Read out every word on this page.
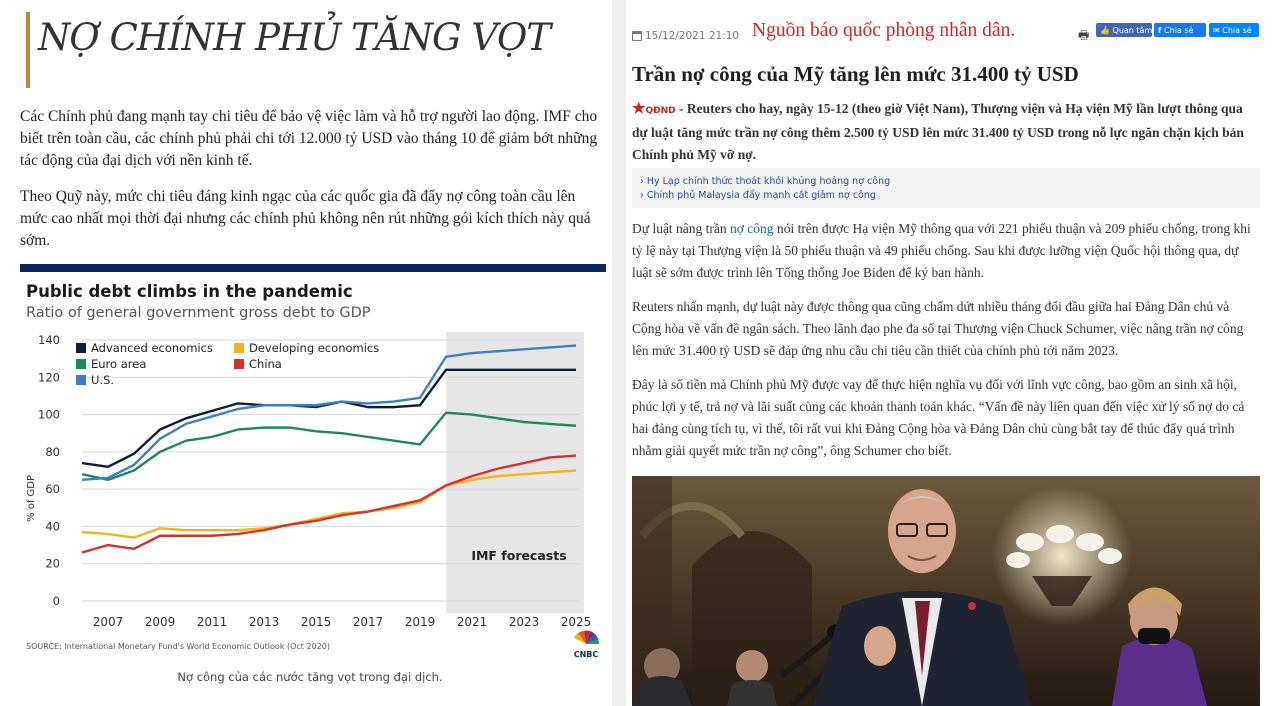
NỢ CHÍNH PHỦ TĂNG VỌT
Các Chính phủ đang mạnh tay chi tiêu để bảo vệ việc làm và hỗ trợ người lao động. IMF cho biết trên toàn cầu, các chính phủ phải chi tới 12.000 tỷ USD vào tháng 10 để giảm bớt những tác động của đại dịch với nền kinh tế.
Theo Quỹ này, mức chi tiêu đáng kinh ngạc của các quốc gia đã đẩy nợ công toàn cầu lên mức cao nhất mọi thời đại nhưng các chính phủ không nên rút những gói kích thích này quá sớm.
Public debt climbs in the pandemic
Ratio of general government gross debt to GDP
IMF forecasts
0
20
40
60
80
100
120
140
% of GDP
2007 2009 2011 2013 2015 2017 2019 2021 2023 2025
Advanced economics	Developing economics
Euro area	China
U.S.
SOURCE: International Monetary Fund's World Economic Outlook (Oct 2020)
CNBC
Nợ công của các nước tăng vọt trong đại dịch.
15/12/2021 21:10 Nguồn báo quốc phòng nhân dân.	🖶 👍
Quan tâm f
Chia sẻ ✉
Chia sẻ
Trần nợ công của Mỹ tăng lên mức 31.400 tỷ USD
★QĐND - Reuters cho hay, ngày 15-12 (theo giờ Việt Nam), Thượng viện và Hạ viện Mỹ lần lượt thông qua dự luật tăng mức trần nợ công thêm 2.500 tỷ USD lên mức 31.400 tỷ USD trong nỗ lực ngăn chặn kịch bản Chính phủ Mỹ vỡ nợ.
› Hy Lạp chính thức thoát khỏi khủng hoảng nợ công
› Chính phủ Malaysia đẩy mạnh cắt giảm nợ công
Dự luật nâng trần nợ công nói trên được Hạ viện Mỹ thông qua với 221 phiếu thuận và 209 phiếu chống, trong khi tỷ lệ này tại Thượng viện là 50 phiếu thuận và 49 phiếu chống. Sau khi được lưỡng viện Quốc hội thông qua, dự luật sẽ sớm được trình lên Tổng thống Joe Biden để ký ban hành.
Reuters nhấn mạnh, dự luật này được thông qua cũng chấm dứt nhiều tháng đối đầu giữa hai Đảng Dân chủ và Cộng hòa về vấn đề ngân sách. Theo lãnh đạo phe đa số tại Thượng viện Chuck Schumer, việc nâng trần nợ công lên mức 31.400 tỷ USD sẽ đáp ứng nhu cầu chi tiêu cần thiết của chính phủ tới năm 2023.
Đây là số tiền mà Chính phủ Mỹ được vay để thực hiện nghĩa vụ đối với lĩnh vực công, bao gồm an sinh xã hội, phúc lợi y tế, trả nợ và lãi suất cùng các khoản thanh toán khác. “Vấn đề này liên quan đến việc xử lý số nợ do cả hai đảng cùng tích tụ, vì thế, tôi rất vui khi Đảng Cộng hòa và Đảng Dân chủ cùng bắt tay để thúc đẩy quá trình nhằm giải quyết mức trần nợ công”, ông Schumer cho biết.
